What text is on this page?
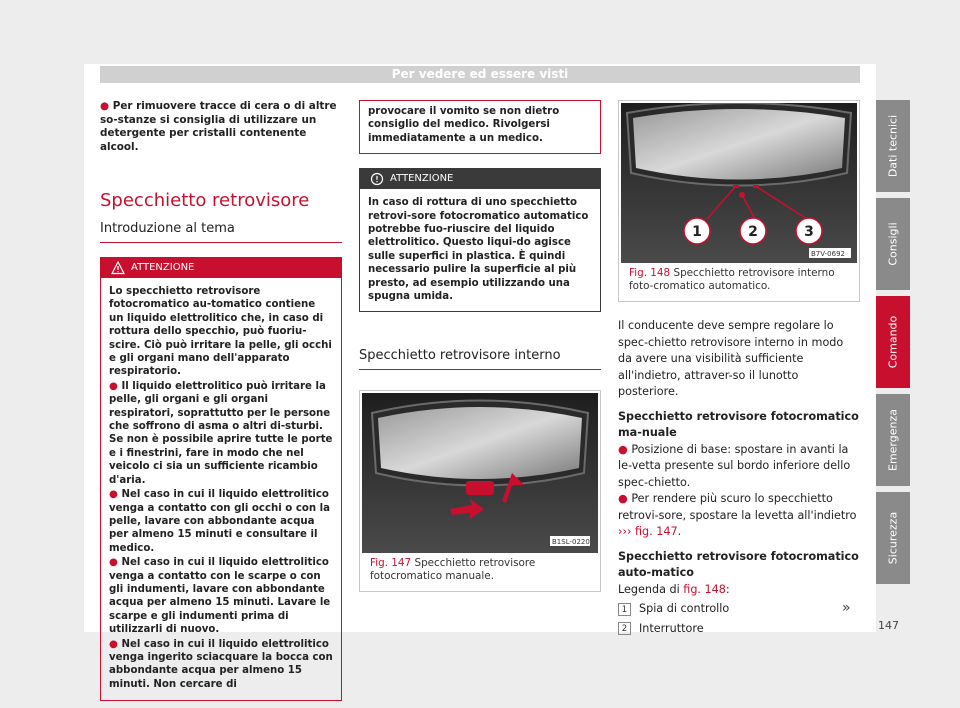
Per vedere ed essere visti
● Per rimuovere tracce di cera o di altre so-stanze si consiglia di utilizzare un detergente per cristalli contenente alcool.
Specchietto retrovisore
Introduzione al tema
ATTENZIONE

Lo specchietto retrovisore fotocromatico au-tomatico contiene un liquido elettrolitico che, in caso di rottura dello specchio, può fuoriu-scire. Ciò può irritare la pelle, gli occhi e gli organi mano dell'apparato respiratorio.

● Il liquido elettrolitico può irritare la pelle, gli organi e gli organi respiratori, soprattutto per le persone che soffrono di asma o altri di-sturbi. Se non è possibile aprire tutte le porte e i finestrini, fare in modo che nel veicolo ci sia un sufficiente ricambio d'aria.

● Nel caso in cui il liquido elettrolitico venga a contatto con gli occhi o con la pelle, lavare con abbondante acqua per almeno 15 minuti e consultare il medico.

● Nel caso in cui il liquido elettrolitico venga a contatto con le scarpe o con gli indumenti, lavare con abbondante acqua per almeno 15 minuti. Lavare le scarpe e gli indumenti prima di utilizzarli di nuovo.

● Nel caso in cui il liquido elettrolitico venga ingerito sciacquare la bocca con abbondante acqua per almeno 15 minuti. Non cercare di

provocare il vomito se non dietro consiglio del medico. Rivolgersi immediatamente a un medico.
ATTENZIONE
In caso di rottura di uno specchietto retrovi-sore fotocromatico automatico potrebbe fuo-riuscire del liquido elettrolitico. Questo liqui-do agisce sulle superfici in plastica. È quindi necessario pulire la superficie al più presto, ad esempio utilizzando una spugna umida.
Specchietto retrovisore interno
B1SL-0220
Fig. 147 Specchietto retrovisore fotocromatico manuale.
1	2	3
B7V-0692
Fig. 148 Specchietto retrovisore interno foto-cromatico automatico.

Il conducente deve sempre regolare lo spec-chietto retrovisore interno in modo da avere una visibilità sufficiente all'indietro, attraver-so il lunotto posteriore.

Specchietto retrovisore fotocromatico ma-nuale

● Posizione di base: spostare in avanti la le-vetta presente sul bordo inferiore dello spec-chietto.

● Per rendere più scuro lo specchietto retrovi-sore, spostare la levetta all'indietro
››› fig. 147.

Specchietto retrovisore fotocromatico auto-matico

Legenda di fig. 148:

1	Spia di controllo
2	Interruttore
»
Dati tecnici
Consigli
Comando
Emergenza
Sicurezza
147
